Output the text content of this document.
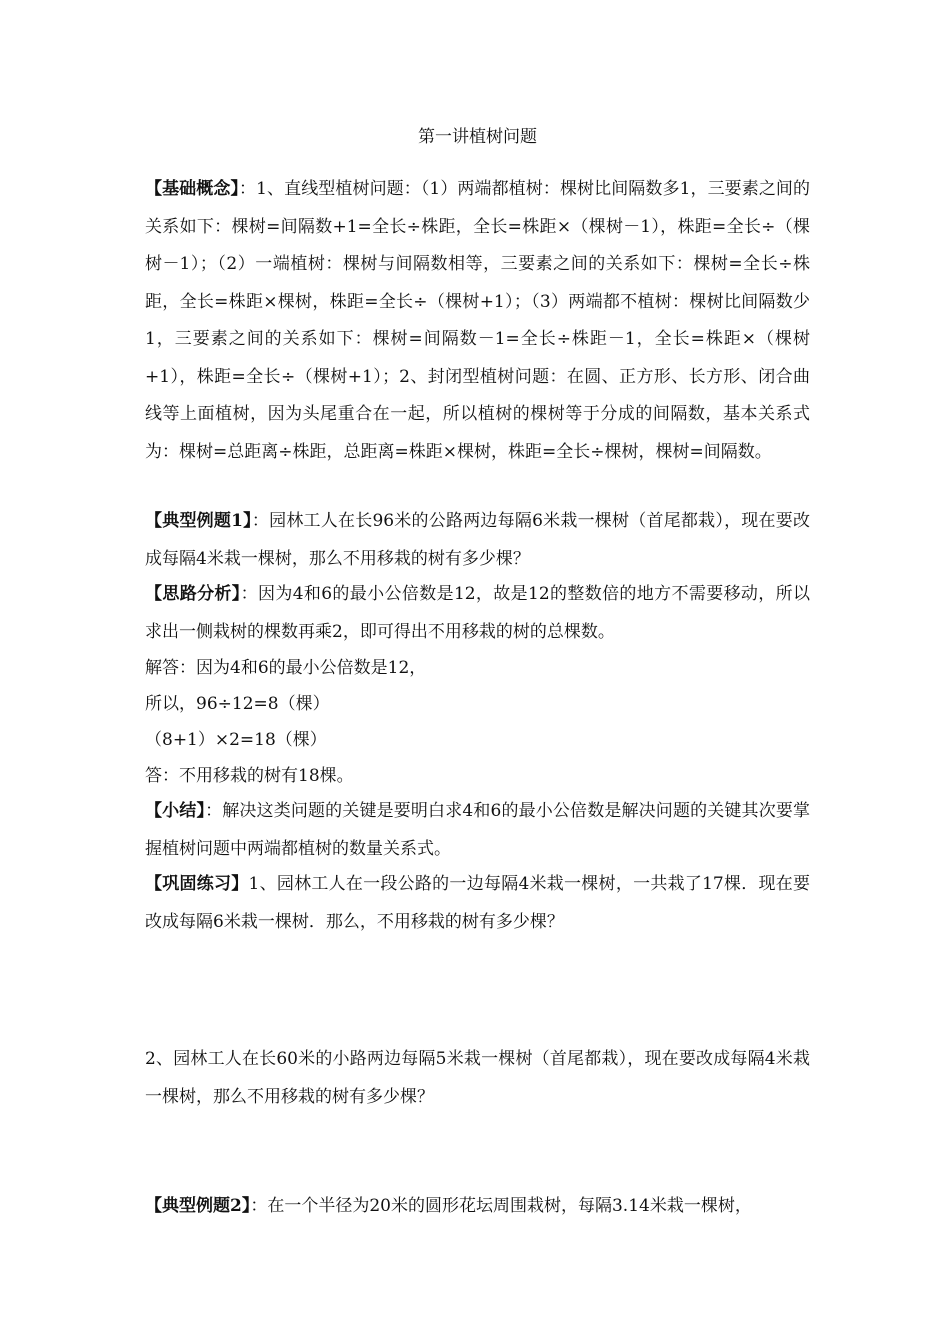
第一讲植树问题

【基础概念】：1、直线型植树问题：（1）两端都植树：棵树比间隔数多1，三要素之间的关系如下：棵树=间隔数+1=全长÷株距，全长=株距×（棵树－1），株距=全长÷（棵树－1）；（2）一端植树：棵树与间隔数相等，三要素之间的关系如下：棵树=全长÷株距，全长=株距×棵树，株距=全长÷（棵树+1）；（3）两端都不植树：棵树比间隔数少1，三要素之间的关系如下：棵树=间隔数－1=全长÷株距－1，全长=株距×（棵树+1），株距=全长÷（棵树+1）；2、封闭型植树问题：在圆、正方形、长方形、闭合曲线等上面植树，因为头尾重合在一起，所以植树的棵树等于分成的间隔数，基本关系式为：棵树=总距离÷株距，总距离=株距×棵树，株距=全长÷棵树，棵树=间隔数。

【典型例题1】：园林工人在长96米的公路两边每隔6米栽一棵树（首尾都栽），现在要改成每隔4米栽一棵树，那么不用移栽的树有多少棵？

【思路分析】：因为4和6的最小公倍数是12，故是12的整数倍的地方不需要移动，所以求出一侧栽树的棵数再乘2，即可得出不用移栽的树的总棵数。

解答：因为4和6的最小公倍数是12，

所以，96÷12=8（棵）

（8+1）×2=18（棵）

答：不用移栽的树有18棵。

【小结】：解决这类问题的关键是要明白求4和6的最小公倍数是解决问题的关键其次要掌握植树问题中两端都植树的数量关系式。

【巩固练习】1、园林工人在一段公路的一边每隔4米栽一棵树，一共栽了17棵．现在要改成每隔6米栽一棵树．那么，不用移栽的树有多少棵？

2、园林工人在长60米的小路两边每隔5米栽一棵树（首尾都栽），现在要改成每隔4米栽一棵树，那么不用移栽的树有多少棵？

【典型例题2】：在一个半径为20米的圆形花坛周围栽树，每隔3.14米栽一棵树，
